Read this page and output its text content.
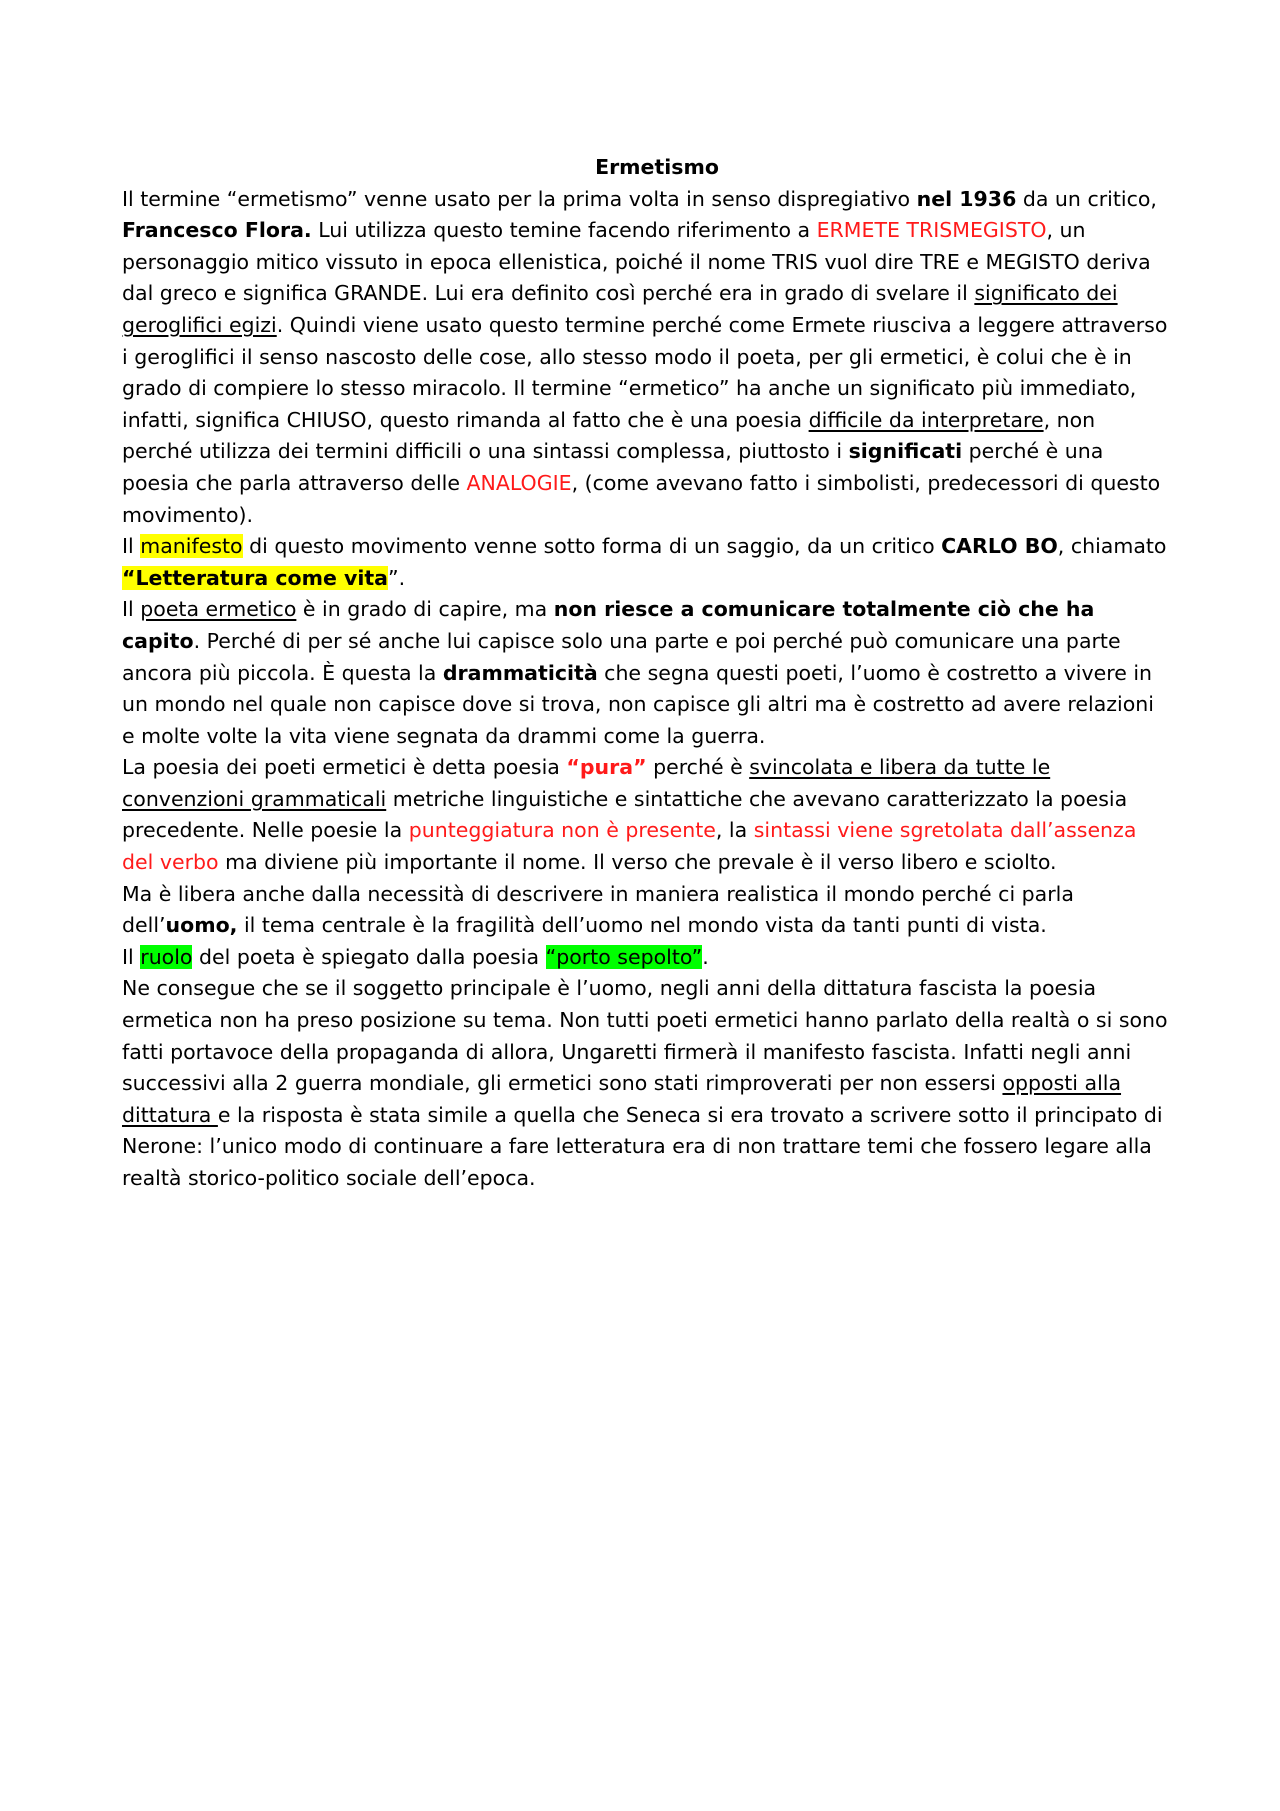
Ermetismo

Il termine “ermetismo” venne usato per la prima volta in senso dispregiativo nel 1936 da un critico, Francesco Flora. Lui utilizza questo temine facendo riferimento a ERMETE TRISMEGISTO, un personaggio mitico vissuto in epoca ellenistica, poiché il nome TRIS vuol dire TRE e MEGISTO deriva dal greco e significa GRANDE. Lui era definito così perché era in grado di svelare il significato dei geroglifici egizi. Quindi viene usato questo termine perché come Ermete riusciva a leggere attraverso i geroglifici il senso nascosto delle cose, allo stesso modo il poeta, per gli ermetici, è colui che è in grado di compiere lo stesso miracolo. Il termine “ermetico” ha anche un significato più immediato, infatti, significa CHIUSO, questo rimanda al fatto che è una poesia difficile da interpretare, non perché utilizza dei termini difficili o una sintassi complessa, piuttosto i significati perché è una poesia che parla attraverso delle ANALOGIE, (come avevano fatto i simbolisti, predecessori di questo movimento).

Il manifesto di questo movimento venne sotto forma di un saggio, da un critico CARLO BO, chiamato “Letteratura come vita”.

Il poeta ermetico è in grado di capire, ma non riesce a comunicare totalmente ciò che ha capito. Perché di per sé anche lui capisce solo una parte e poi perché può comunicare una parte ancora più piccola. È questa la drammaticità che segna questi poeti, l’uomo è costretto a vivere in un mondo nel quale non capisce dove si trova, non capisce gli altri ma è costretto ad avere relazioni e molte volte la vita viene segnata da drammi come la guerra.

La poesia dei poeti ermetici è detta poesia “pura” perché è svincolata e libera da tutte le convenzioni grammaticali metriche linguistiche e sintattiche che avevano caratterizzato la poesia precedente. Nelle poesie la punteggiatura non è presente, la sintassi viene sgretolata dall’assenza del verbo ma diviene più importante il nome. Il verso che prevale è il verso libero e sciolto.

Ma è libera anche dalla necessità di descrivere in maniera realistica il mondo perché ci parla dell’uomo, il tema centrale è la fragilità dell’uomo nel mondo vista da tanti punti di vista.

Il ruolo del poeta è spiegato dalla poesia “porto sepolto”.

Ne consegue che se il soggetto principale è l’uomo, negli anni della dittatura fascista la poesia ermetica non ha preso posizione su tema. Non tutti poeti ermetici hanno parlato della realtà o si sono fatti portavoce della propaganda di allora, Ungaretti firmerà il manifesto fascista. Infatti negli anni successivi alla 2 guerra mondiale, gli ermetici sono stati rimproverati per non essersi opposti alla dittatura e la risposta è stata simile a quella che Seneca si era trovato a scrivere sotto il principato di Nerone: l’unico modo di continuare a fare letteratura era di non trattare temi che fossero legare alla realtà storico-politico sociale dell’epoca.
